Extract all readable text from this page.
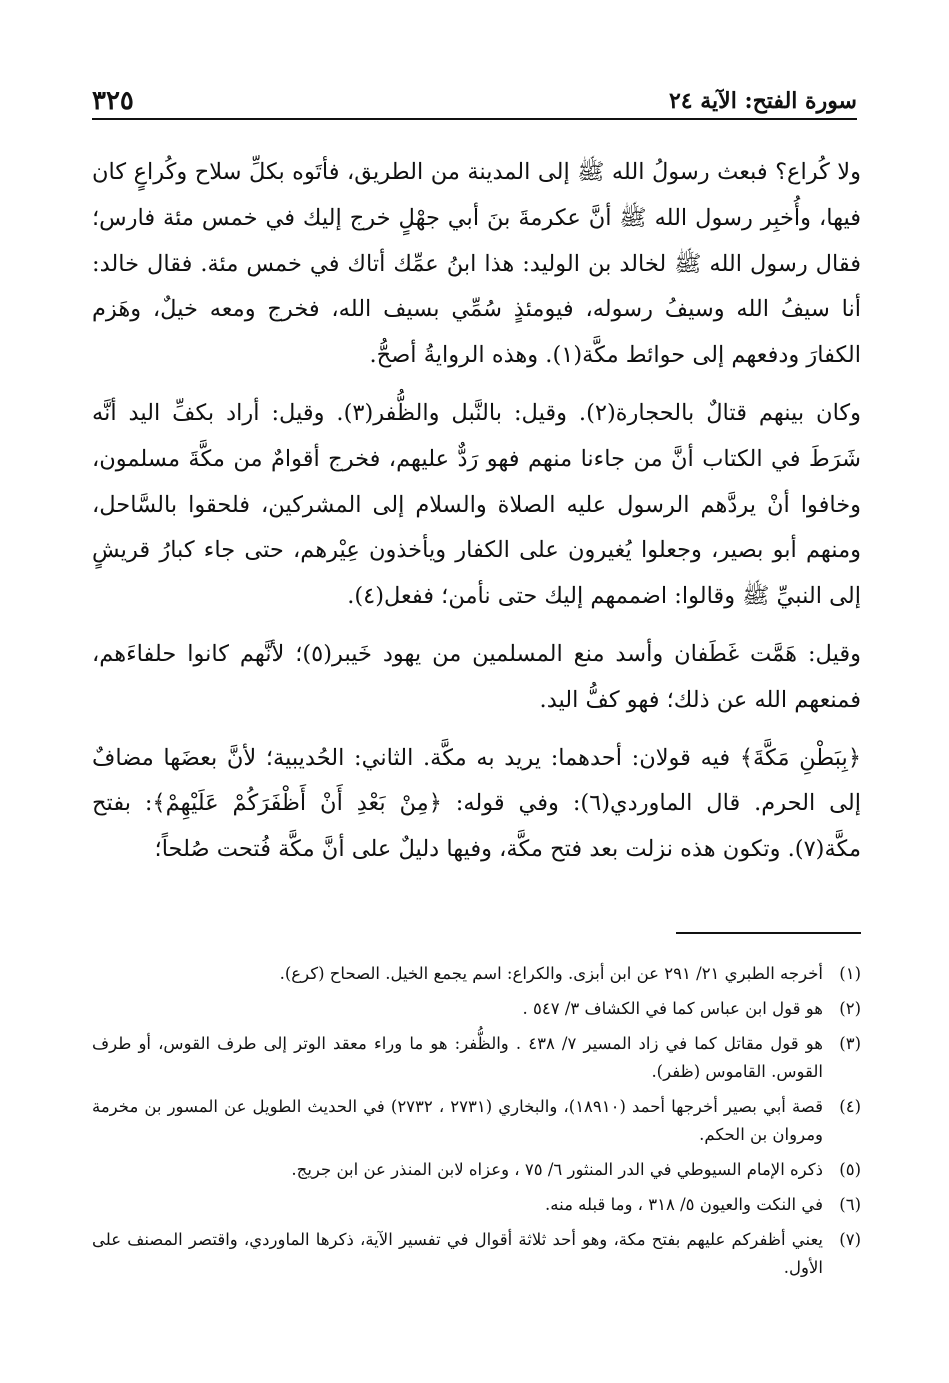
سورة الفتح: الآية ٢٤
٣٢٥

ولا كُراع؟ فبعث رسولُ الله ﷺ إلى المدينة من الطريق، فأتَوه بكلِّ سلاح وكُراعٍ كان فيها، وأُخبِر رسول الله ﷺ أنَّ عكرمةَ بنَ أبي جهْلٍ خرج إليك في خمس مئة فارس؛ فقال رسول الله ﷺ لخالد بن الوليد: هذا ابنُ عمِّك أتاك في خمس مئة. فقال خالد: أنا سيفُ الله وسيفُ رسوله، فيومئذٍ سُمِّي بسيف الله، فخرج ومعه خيلٌ، وهَزم الكفارَ ودفعهم إلى حوائط مكَّة(١). وهذه الروايةُ أصحُّ.

وكان بينهم قتالٌ بالحجارة(٢). وقيل: بالنَّبل والظُّفر(٣). وقيل: أراد بكفِّ اليد أنَّه شَرَطَ في الكتاب أنَّ من جاءنا منهم فهو رَدٌّ عليهم، فخرج أقوامٌ من مكَّةَ مسلمون، وخافوا أنْ يردَّهم الرسول عليه الصلاة والسلام إلى المشركين، فلحقوا بالسَّاحل، ومنهم أبو بصير، وجعلوا يُغيرون على الكفار ويأخذون عِيْرهم، حتى جاء كبارُ قريشٍ إلى النبيِّ ﷺ وقالوا: اضممهم إليك حتى نأمن؛ ففعل(٤).

وقيل: هَمَّت غَطَفان وأسد منع المسلمين من يهود خَيبر(٥)؛ لأنَّهم كانوا حلفاءَهم، فمنعهم الله عن ذلك؛ فهو كفُّ اليد.

﴿بِبَطْنِ مَكَّةَ﴾ فيه قولان: أحدهما: يريد به مكَّة. الثاني: الحُديبية؛ لأنَّ بعضَها مضافٌ إلى الحرم. قال الماوردي(٦): وفي قوله: ﴿مِنْ بَعْدِ أَنْ أَظْفَرَكُمْ عَلَيْهِمْ﴾: بفتح مكَّة(٧). وتكون هذه نزلت بعد فتح مكَّة، وفيها دليلٌ على أنَّ مكَّة فُتحت صُلحاً؛

(١)
أخرجه الطبري ٢١/ ٢٩١ عن ابن أبزى. والكراع: اسم يجمع الخيل. الصحاح (كرع).
(٢)
هو قول ابن عباس كما في الكشاف ٣/ ٥٤٧ .
(٣)
هو قول مقاتل كما في زاد المسير ٧/ ٤٣٨ . والظُّفر: هو ما وراء معقد الوتر إلى طرف القوس، أو طرف القوس. القاموس (ظفر).
(٤)
قصة أبي بصير أخرجها أحمد (١٨٩١٠)، والبخاري (٢٧٣١ ، ٢٧٣٢) في الحديث الطويل عن المسور بن مخرمة ومروان بن الحكم.
(٥)
ذكره الإمام السيوطي في الدر المنثور ٦/ ٧٥ ، وعزاه لابن المنذر عن ابن جريج.
(٦)
في النكت والعيون ٥/ ٣١٨ ، وما قبله منه.
(٧)
يعني أظفركم عليهم بفتح مكة، وهو أحد ثلاثة أقوال في تفسير الآية، ذكرها الماوردي، واقتصر المصنف على الأول.
